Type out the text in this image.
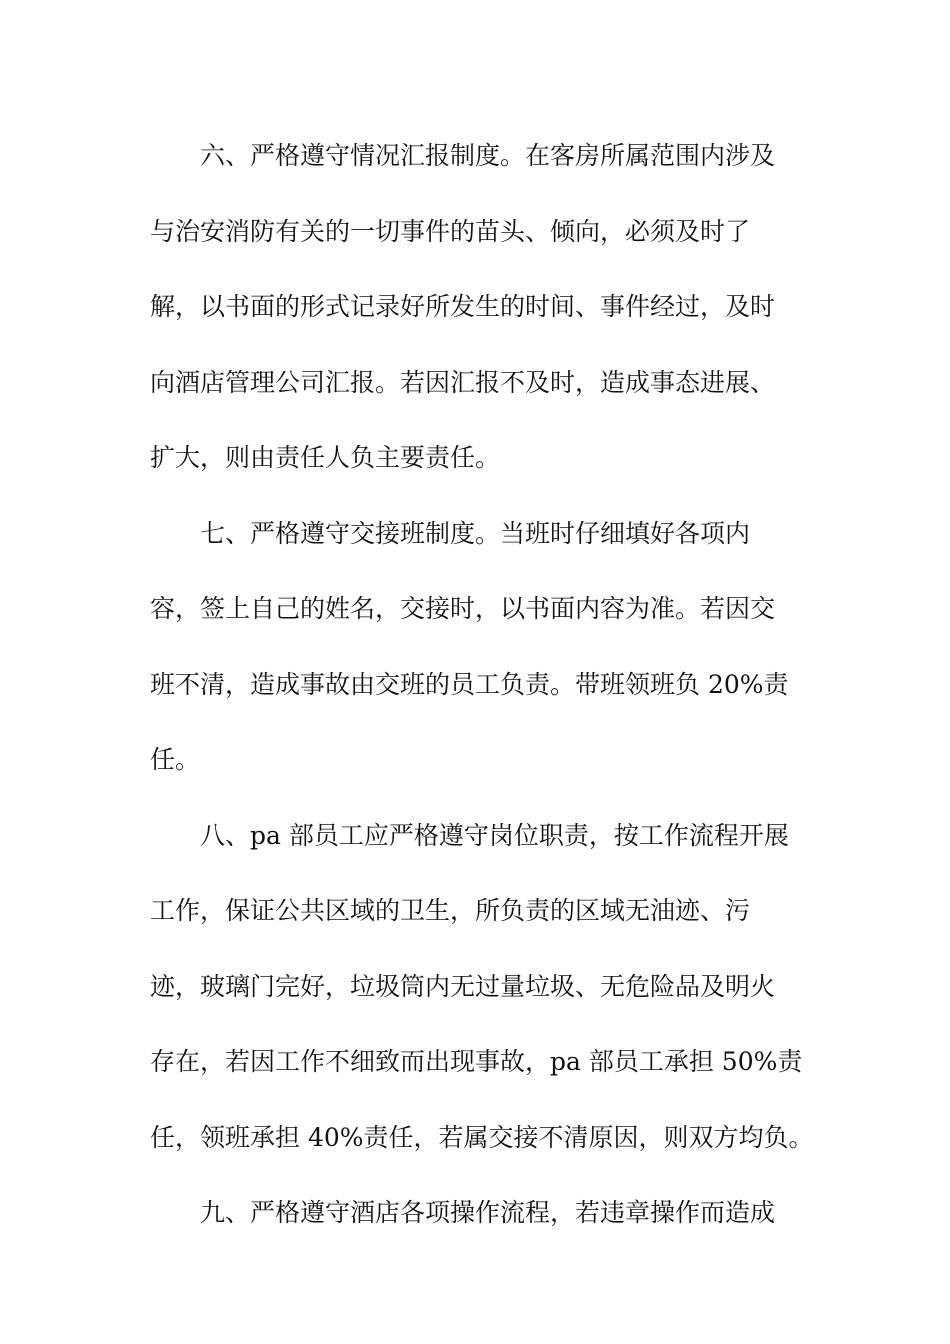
六、严格遵守情况汇报制度。在客房所属范围内涉及
与治安消防有关的一切事件的苗头、倾向，必须及时了
解，以书面的形式记录好所发生的时间、事件经过，及时
向酒店管理公司汇报。若因汇报不及时，造成事态进展、
扩大，则由责任人负主要责任。
七、严格遵守交接班制度。当班时仔细填好各项内
容，签上自己的姓名，交接时，以书面内容为准。若因交
班不清，造成事故由交班的员工负责。带班领班负 20%责
任。
八、pa 部员工应严格遵守岗位职责，按工作流程开展
工作，保证公共区域的卫生，所负责的区域无油迹、污
迹，玻璃门完好，垃圾筒内无过量垃圾、无危险品及明火
存在，若因工作不细致而出现事故，pa 部员工承担 50%责
任，领班承担 40%责任，若属交接不清原因，则双方均负。
九、严格遵守酒店各项操作流程，若违章操作而造成
